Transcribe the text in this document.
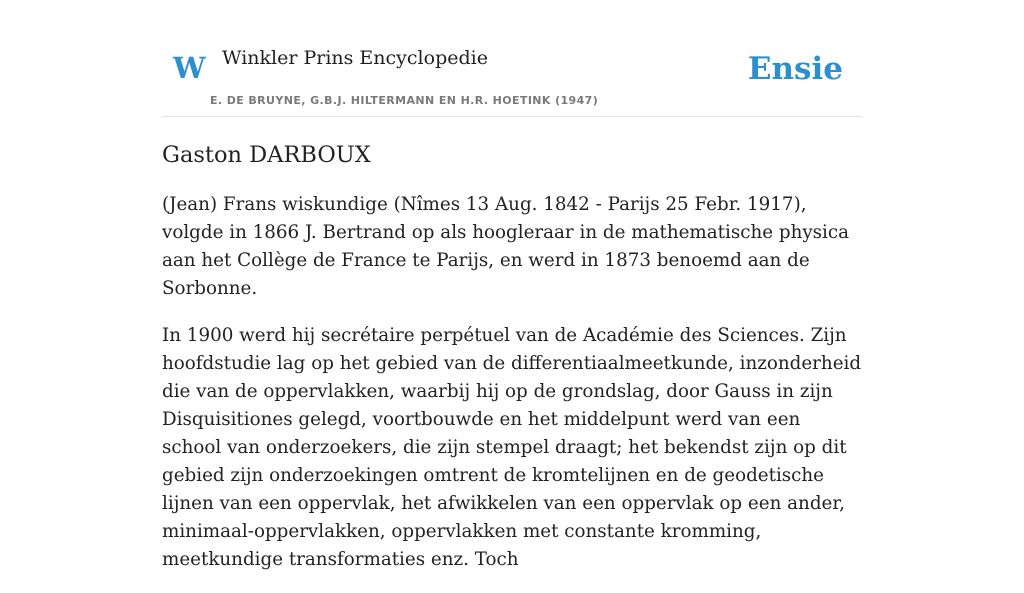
W Winkler Prins Encyclopedie
E. DE BRUYNE, G.B.J. HILTERMANN EN H.R. HOETINK (1947)
Ensie
Gaston DARBOUX

(Jean) Frans wiskundige (Nîmes 13 Aug. 1842 - Parijs 25 Febr. 1917), volgde in 1866 J. Bertrand op als hoogleraar in de mathematische physica aan het Collège de France te Parijs, en werd in 1873 benoemd aan de Sorbonne.

In 1900 werd hij secrétaire perpétuel van de Académie des Sciences. Zijn hoofdstudie lag op het gebied van de differentiaalmeetkunde, inzonderheid die van de oppervlakken, waarbij hij op de grondslag, door Gauss in zijn Disquisitiones gelegd, voortbouwde en het middelpunt werd van een school van onderzoekers, die zijn stempel draagt; het bekendst zijn op dit gebied zijn onderzoekingen omtrent de kromtelijnen en de geodetische lijnen van een oppervlak, het afwikkelen van een oppervlak op een ander, minimaal-oppervlakken, oppervlakken met constante kromming, meetkundige transformaties enz. Toch
